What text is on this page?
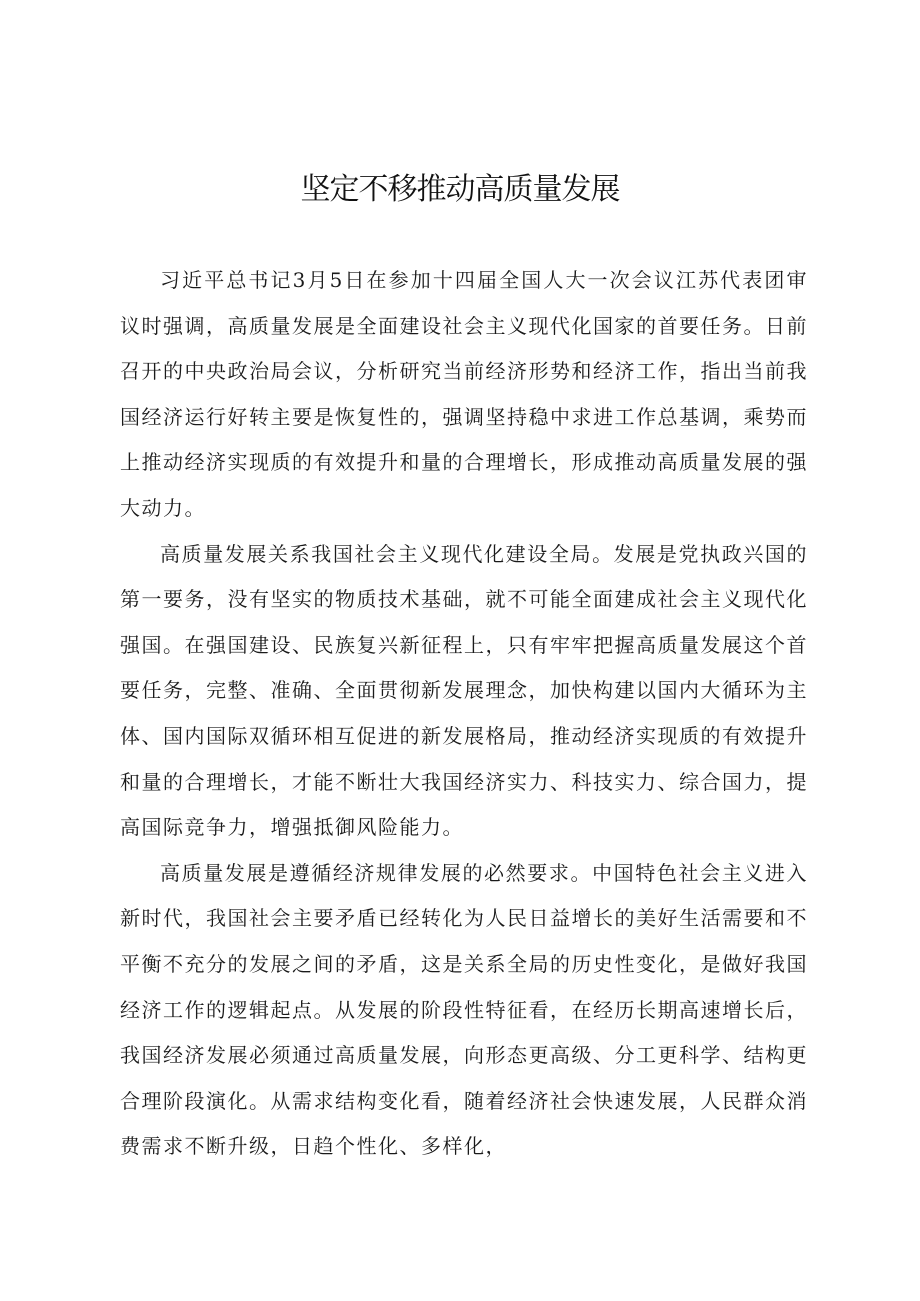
坚定不移推动高质量发展

习近平总书记3月5日在参加十四届全国人大一次会议江苏代表团审议时强调，高质量发展是全面建设社会主义现代化国家的首要任务。日前召开的中央政治局会议，分析研究当前经济形势和经济工作，指出当前我国经济运行好转主要是恢复性的，强调坚持稳中求进工作总基调，乘势而上推动经济实现质的有效提升和量的合理增长，形成推动高质量发展的强大动力。

高质量发展关系我国社会主义现代化建设全局。发展是党执政兴国的第一要务，没有坚实的物质技术基础，就不可能全面建成社会主义现代化强国。在强国建设、民族复兴新征程上，只有牢牢把握高质量发展这个首要任务，完整、准确、全面贯彻新发展理念，加快构建以国内大循环为主体、国内国际双循环相互促进的新发展格局，推动经济实现质的有效提升和量的合理增长，才能不断壮大我国经济实力、科技实力、综合国力，提高国际竞争力，增强抵御风险能力。

高质量发展是遵循经济规律发展的必然要求。中国特色社会主义进入新时代，我国社会主要矛盾已经转化为人民日益增长的美好生活需要和不平衡不充分的发展之间的矛盾，这是关系全局的历史性变化，是做好我国经济工作的逻辑起点。从发展的阶段性特征看，在经历长期高速增长后，我国经济发展必须通过高质量发展，向形态更高级、分工更科学、结构更合理阶段演化。从需求结构变化看，随着经济社会快速发展，人民群众消费需求不断升级，日趋个性化、多样化，
